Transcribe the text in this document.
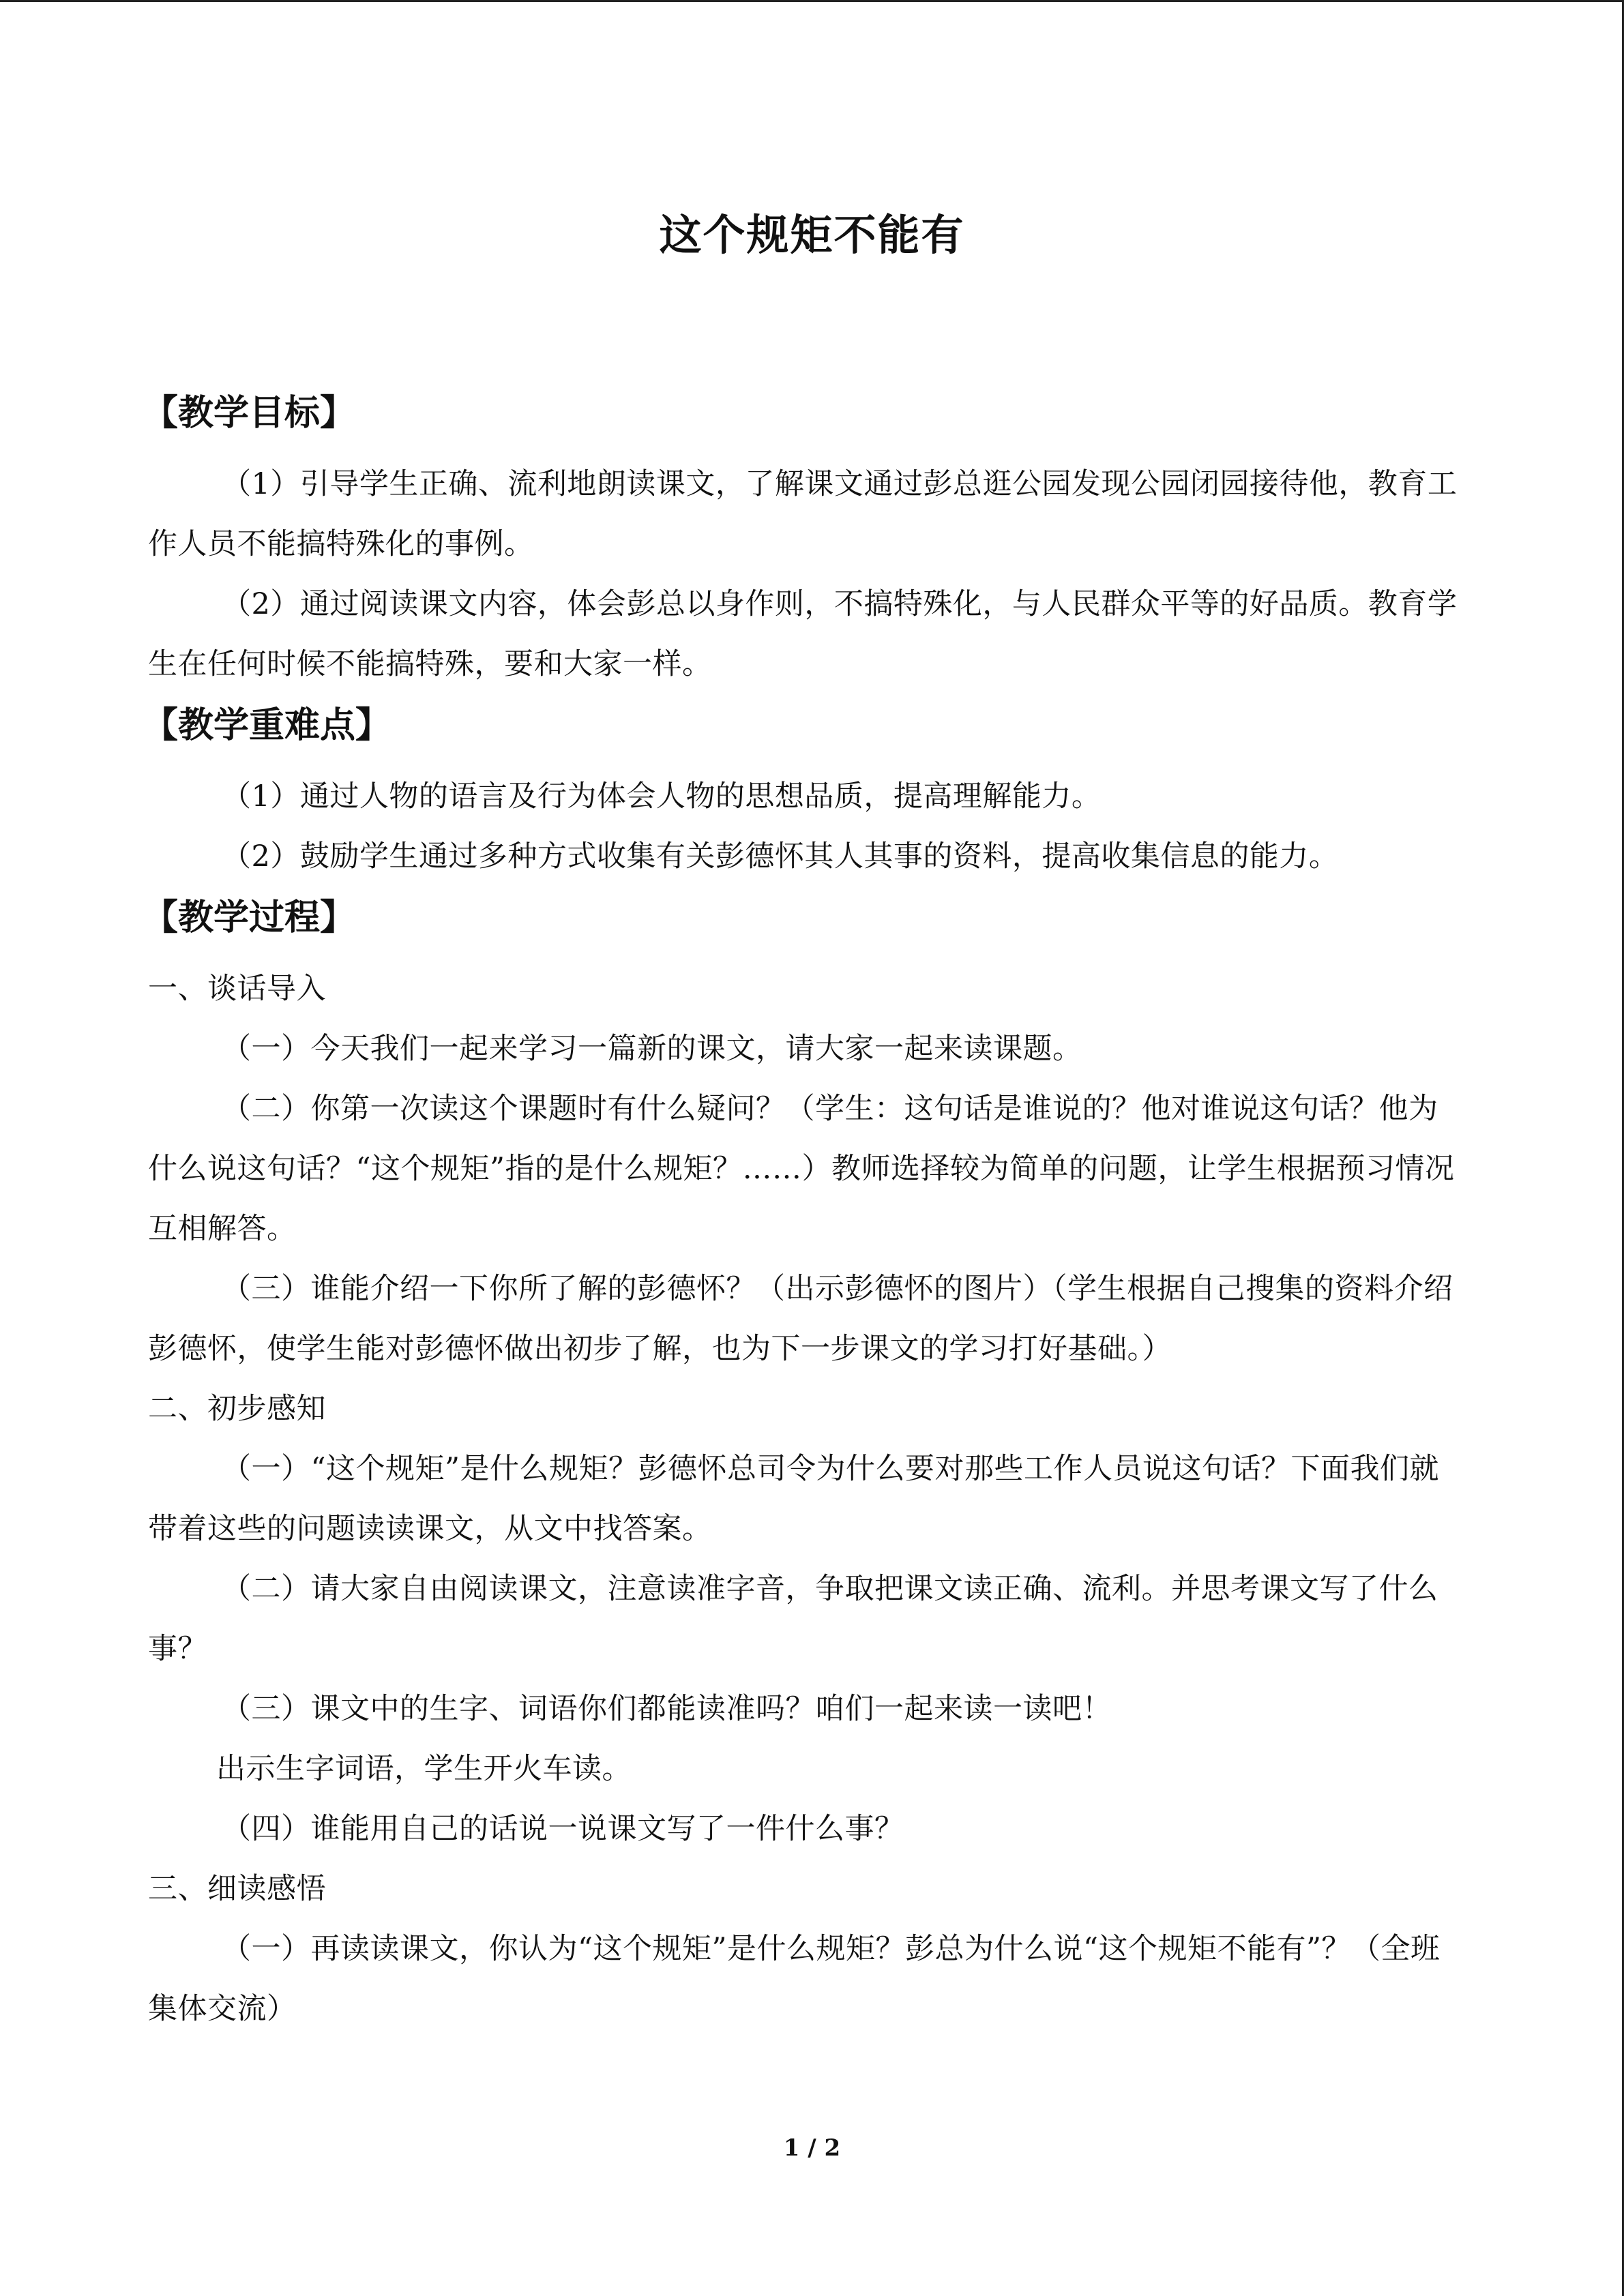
这个规矩不能有
【教学目标】

（1）引导学生正确、流利地朗读课文，了解课文通过彭总逛公园发现公园闭园接待他，教育工作人员不能搞特殊化的事例。

（2）通过阅读课文内容，体会彭总以身作则，不搞特殊化，与人民群众平等的好品质。教育学生在任何时候不能搞特殊，要和大家一样。

【教学重难点】

（1）通过人物的语言及行为体会人物的思想品质，提高理解能力。

（2）鼓励学生通过多种方式收集有关彭德怀其人其事的资料，提高收集信息的能力。

【教学过程】

一、谈话导入

（一）今天我们一起来学习一篇新的课文，请大家一起来读课题。

（二）你第一次读这个课题时有什么疑问？（学生：这句话是谁说的？他对谁说这句话？他为什么说这句话？“这个规矩”指的是什么规矩？……）教师选择较为简单的问题，让学生根据预习情况互相解答。

（三）谁能介绍一下你所了解的彭德怀？（出示彭德怀的图片）（学生根据自己搜集的资料介绍彭德怀，使学生能对彭德怀做出初步了解，也为下一步课文的学习打好基础。）

二、初步感知

（一）“这个规矩”是什么规矩？彭德怀总司令为什么要对那些工作人员说这句话？下面我们就带着这些的问题读读课文，从文中找答案。

（二）请大家自由阅读课文，注意读准字音，争取把课文读正确、流利。并思考课文写了什么事？

（三）课文中的生字、词语你们都能读准吗？咱们一起来读一读吧！

出示生字词语，学生开火车读。

（四）谁能用自己的话说一说课文写了一件什么事？

三、细读感悟

（一）再读读课文，你认为“这个规矩”是什么规矩？彭总为什么说“这个规矩不能有”？（全班集体交流）

1 / 2
